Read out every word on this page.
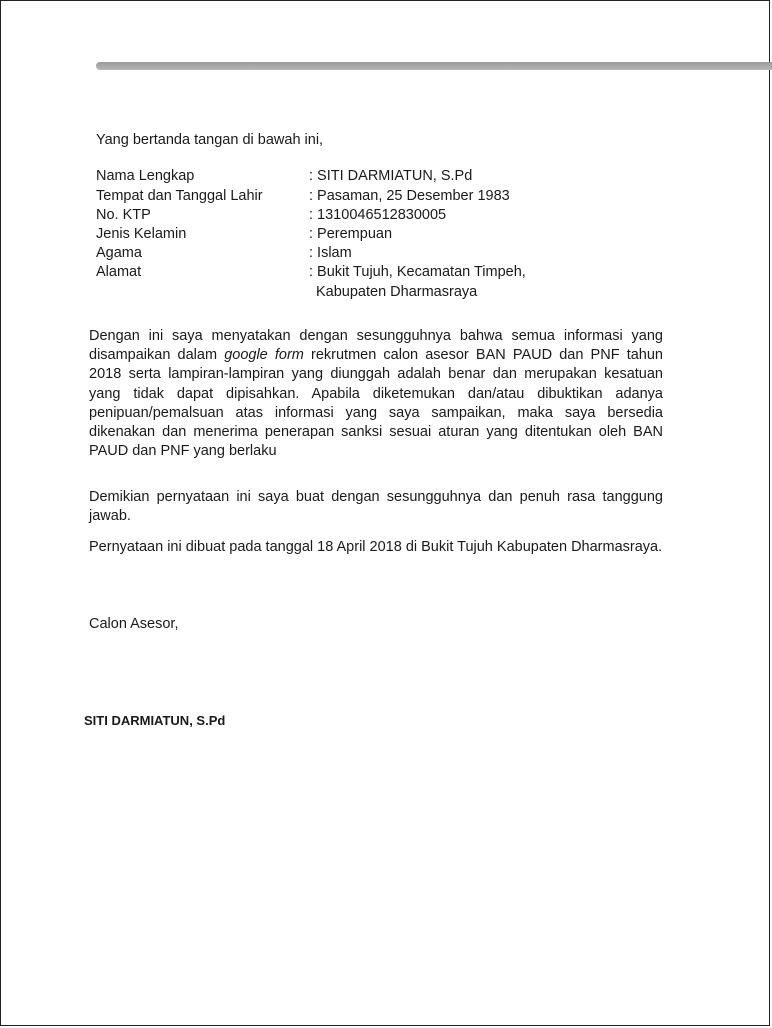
Yang bertanda tangan di bawah ini,
Nama Lengkap	: SITI DARMIATUN, S.Pd
Tempat dan Tanggal Lahir	: Pasaman, 25 Desember 1983
No. KTP	: 1310046512830005
Jenis Kelamin	: Perempuan
Agama	: Islam
Alamat	: Bukit Tujuh, Kecamatan Timpeh,
Kabupaten Dharmasraya
Dengan ini saya menyatakan dengan sesungguhnya bahwa semua informasi yang disampaikan dalam google form rekrutmen calon asesor BAN PAUD dan PNF tahun 2018 serta lampiran-lampiran yang diunggah adalah benar dan merupakan kesatuan yang tidak dapat dipisahkan. Apabila diketemukan dan/atau dibuktikan adanya penipuan/pemalsuan atas informasi yang saya sampaikan, maka saya bersedia dikenakan dan menerima penerapan sanksi sesuai aturan yang ditentukan oleh BAN PAUD dan PNF yang berlaku
Demikian pernyataan ini saya buat dengan sesungguhnya dan penuh rasa tanggung jawab.
Pernyataan ini dibuat pada tanggal 18 April 2018 di Bukit Tujuh Kabupaten Dharmasraya.
Calon Asesor,
SITI DARMIATUN, S.Pd
